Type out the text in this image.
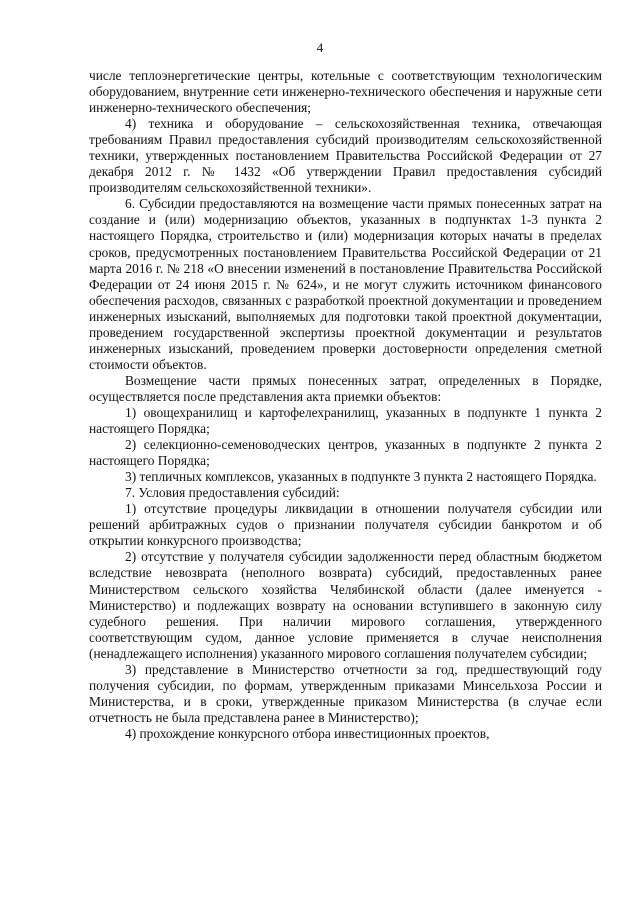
4

числе теплоэнергетические центры, котельные с соответствующим технологическим оборудованием, внутренние сети инженерно-технического обеспечения и наружные сети инженерно-технического обеспечения;

4) техника и оборудование – сельскохозяйственная техника, отвечающая требованиям Правил предоставления субсидий производителям сельскохозяйственной техники, утвержденных постановлением Правительства Российской Федерации от 27 декабря 2012 г. № 1432 «Об утверждении Правил предоставления субсидий производителям сельскохозяйственной техники».

6. Субсидии предоставляются на возмещение части прямых понесенных затрат на создание и (или) модернизацию объектов, указанных в подпунктах 1-3 пункта 2 настоящего Порядка, строительство и (или) модернизация которых начаты в пределах сроков, предусмотренных постановлением Правительства Российской Федерации от 21 марта 2016 г. № 218 «О внесении изменений в постановление Правительства Российской Федерации от 24 июня 2015 г. № 624», и не могут служить источником финансового обеспечения расходов, связанных с разработкой проектной документации и проведением инженерных изысканий, выполняемых для подготовки такой проектной документации, проведением государственной экспертизы проектной документации и результатов инженерных изысканий, проведением проверки достоверности определения сметной стоимости объектов.

Возмещение части прямых понесенных затрат, определенных в Порядке, осуществляется после представления акта приемки объектов:

1) овощехранилищ и картофелехранилищ, указанных в подпункте 1 пункта 2 настоящего Порядка;

2) селекционно-семеноводческих центров, указанных в подпункте 2 пункта 2 настоящего Порядка;

3) тепличных комплексов, указанных в подпункте 3 пункта 2 настоящего Порядка.

7. Условия предоставления субсидий:

1) отсутствие процедуры ликвидации в отношении получателя субсидии или решений арбитражных судов о признании получателя субсидии банкротом и об открытии конкурсного производства;

2) отсутствие у получателя субсидии задолженности перед областным бюджетом вследствие невозврата (неполного возврата) субсидий, предоставленных ранее Министерством сельского хозяйства Челябинской области (далее именуется - Министерство) и подлежащих возврату на основании вступившего в законную силу судебного решения. При наличии мирового соглашения, утвержденного соответствующим судом, данное условие применяется в случае неисполнения (ненадлежащего исполнения) указанного мирового соглашения получателем субсидии;

3) представление в Министерство отчетности за год, предшествующий году получения субсидии, по формам, утвержденным приказами Минсельхоза России и Министерства, и в сроки, утвержденные приказом Министерства (в случае если отчетность не была представлена ранее в Министерство);

4) прохождение конкурсного отбора инвестиционных проектов,
